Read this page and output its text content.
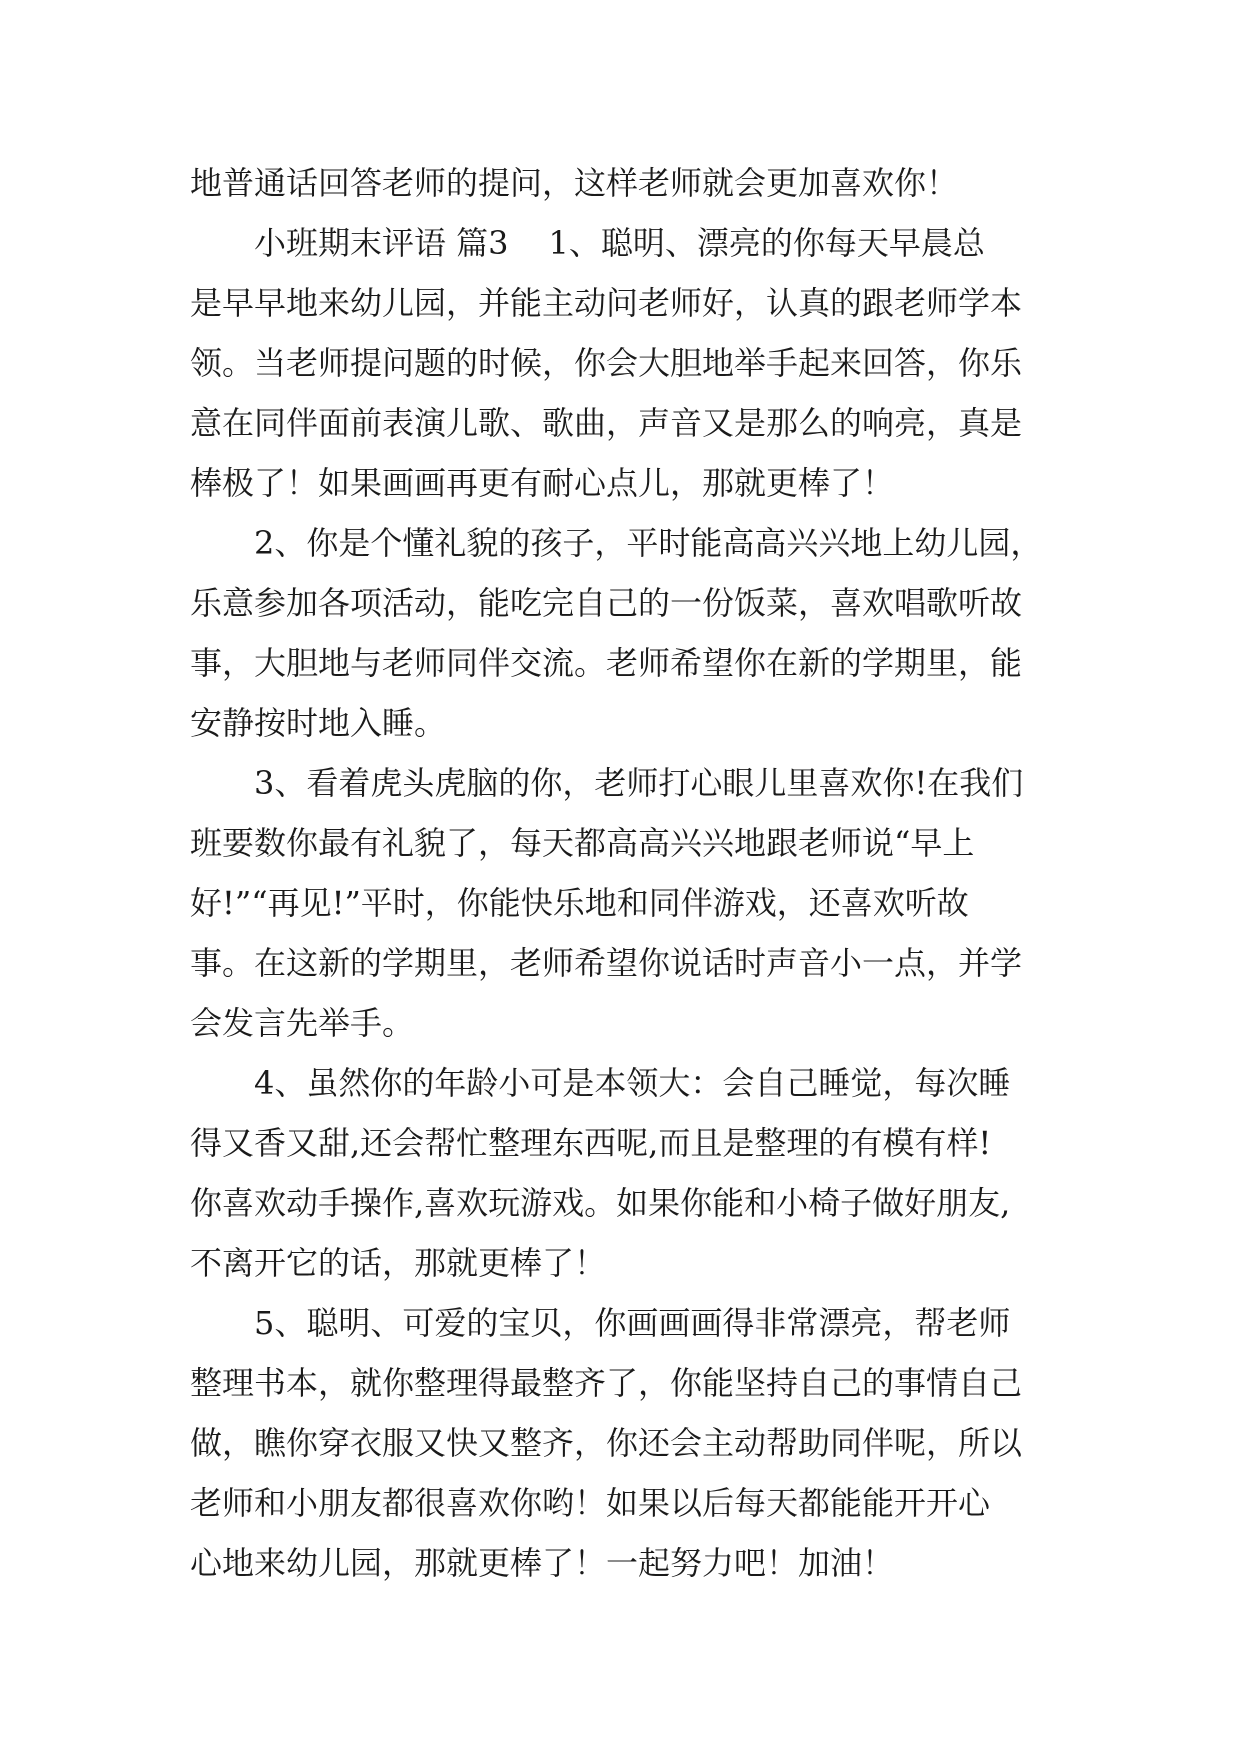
地普通话回答老师的提问，这样老师就会更加喜欢你！
小班期末评语 篇3 1、聪明、漂亮的你每天早晨总
是早早地来幼儿园，并能主动问老师好，认真的跟老师学本
领。当老师提问题的时候，你会大胆地举手起来回答，你乐
意在同伴面前表演儿歌、歌曲，声音又是那么的响亮，真是
棒极了！如果画画再更有耐心点儿，那就更棒了！
2、你是个懂礼貌的孩子，平时能高高兴兴地上幼儿园，
乐意参加各项活动，能吃完自己的一份饭菜，喜欢唱歌听故
事，大胆地与老师同伴交流。老师希望你在新的学期里，能
安静按时地入睡。
3、看着虎头虎脑的你，老师打心眼儿里喜欢你!在我们
班要数你最有礼貌了，每天都高高兴兴地跟老师说“早上
好!”“再见!”平时，你能快乐地和同伴游戏，还喜欢听故
事。在这新的学期里，老师希望你说话时声音小一点，并学
会发言先举手。
4、虽然你的年龄小可是本领大：会自己睡觉，每次睡
得又香又甜,还会帮忙整理东西呢,而且是整理的有模有样!
你喜欢动手操作,喜欢玩游戏。如果你能和小椅子做好朋友,
不离开它的话，那就更棒了！
5、聪明、可爱的宝贝，你画画画得非常漂亮，帮老师
整理书本，就你整理得最整齐了，你能坚持自己的事情自己
做，瞧你穿衣服又快又整齐，你还会主动帮助同伴呢，所以
老师和小朋友都很喜欢你哟！如果以后每天都能能开开心
心地来幼儿园，那就更棒了！一起努力吧！加油！
